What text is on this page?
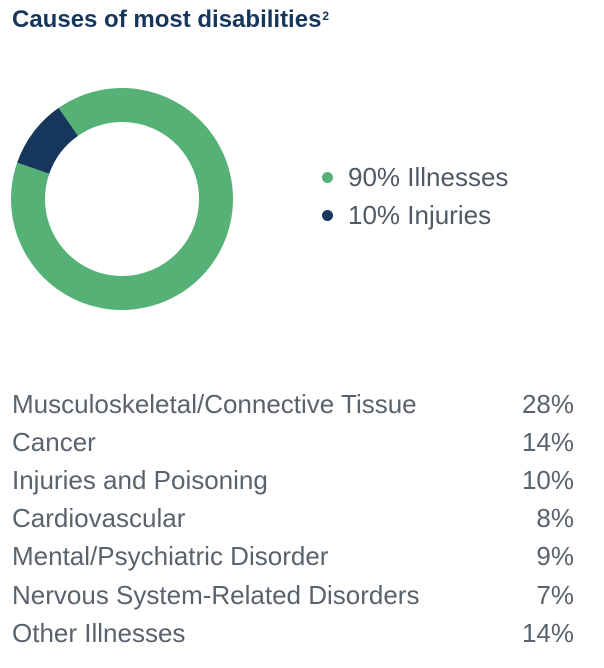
Causes of most disabilities$^2$
90% Illnesses
10% Injuries
Musculoskeletal/Connective Tissue	28%
Cancer	14%
Injuries and Poisoning	10%
Cardiovascular	8%
Mental/Psychiatric Disorder	9%
Nervous System-Related Disorders	7%
Other Illnesses	14%
